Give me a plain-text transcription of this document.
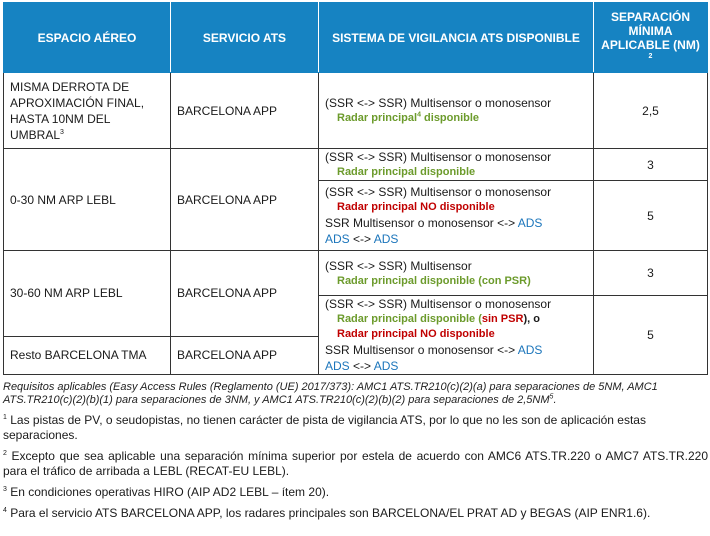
ESPACIO AÉREO	SERVICIO ATS	SISTEMA DE VIGILANCIA ATS DISPONIBLE	SEPARACIÓN MÍNIMA APLICABLE (NM) $^2$
MISMA DERROTA DE APROXIMACIÓN FINAL, HASTA 10NM DEL UMBRAL$^3$	BARCELONA APP	(SSR <-> SSR) Multisensor o monosensor
Radar principal$^4$ disponible	2,5
0-30 NM ARP LEBL	BARCELONA APP	(SSR <-> SSR) Multisensor o monosensor
Radar principal disponible	3

		(SSR <-> SSR) Multisensor o monosensor
Radar principal NO disponible
SSR Multisensor o monosensor <-> ADS
ADS <-> ADS	5
30-60 NM ARP LEBL	BARCELONA APP	(SSR <-> SSR) Multisensor
Radar principal disponible (con PSR)	3

		(SSR <-> SSR) Multisensor o monosensor
Radar principal disponible (sin PSR), o
Radar principal NO disponible
SSR Multisensor o monosensor <-> ADS
ADS <-> ADS	5
Resto BARCELONA TMA	BARCELONA APP		
Requisitos aplicables (Easy Access Rules (Reglamento (UE) 2017/373): AMC1 ATS.TR210(c)(2)(a) para separaciones de 5NM, AMC1 ATS.TR210(c)(2)(b)(1) para separaciones de 3NM, y AMC1 ATS.TR210(c)(2)(b)(2) para separaciones de $2,5NM^5$.
$^1$ Las pistas de PV, o seudopistas, no tienen carácter de pista de vigilancia ATS, por lo que no les son de aplicación estas separaciones.
$^2$ Excepto que sea aplicable una separación mínima superior por estela de acuerdo con AMC6 ATS.TR.220 o AMC7 ATS.TR.220 para el tráfico de arribada a LEBL (RECAT-EU LEBL).
$^3$ En condiciones operativas HIRO (AIP AD2 LEBL – ítem 20).
$^4$ Para el servicio ATS BARCELONA APP, los radares principales son BARCELONA/EL PRAT AD y BEGAS (AIP ENR1.6).
